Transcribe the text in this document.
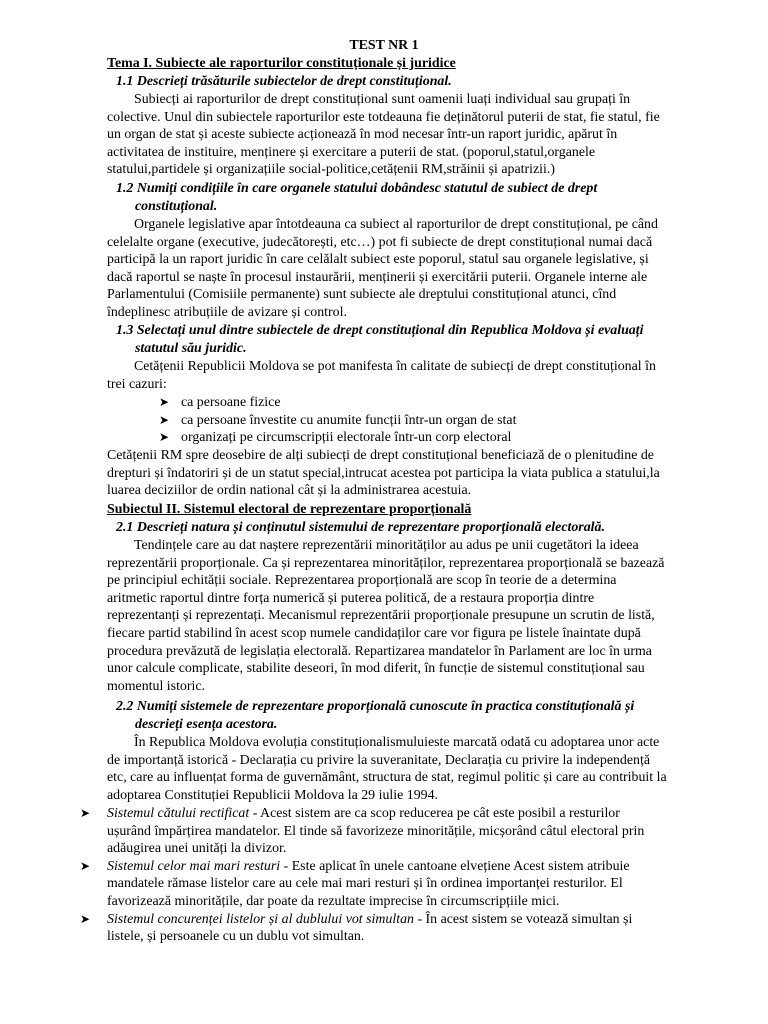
TEST NR 1
Tema I. Subiecte ale raporturilor constituționale și juridice
1.1 Descrieți trăsăturile subiectelor de drept constituțional.
Subiecți ai raporturilor de drept constituțional sunt oamenii luați individual sau grupați în
colective. Unul din subiectele raporturilor este totdeauna fie deținătorul puterii de stat, fie statul, fie
un organ de stat și aceste subiecte acționează în mod necesar într-un raport juridic, apărut în
activitatea de instituire, menținere și exercitare a puterii de stat. (poporul,statul,organele
statului,partidele și organizațiile social-politice,cetățenii RM,străinii și apatrizii.)
1.2 Numiți condițiile în care organele statului dobândesc statutul de subiect de drept
constituțional.
Organele legislative apar întotdeauna ca subiect al raporturilor de drept constituțional, pe când
celelalte organe (executive, judecătorești, etc…) pot fi subiecte de drept constituțional numai dacă
participă la un raport juridic în care celălalt subiect este poporul, statul sau organele legislative, și
dacă raportul se naște în procesul instaurării, menținerii și exercitării puterii. Organele interne ale
Parlamentului (Comisiile permanente) sunt subiecte ale dreptului constituțional atunci, cînd
îndeplinesc atribuțiile de avizare și control.
1.3 Selectați unul dintre subiectele de drept constituțional din Republica Moldova și evaluați
statutul său juridic.
Cetățenii Republicii Moldova se pot manifesta în calitate de subiecți de drept constituțional în
trei cazuri:
➤ ca persoane fizice
➤ ca persoane învestite cu anumite funcții într-un organ de stat
➤ organizați pe circumscripții electorale într-un corp electoral
Cetățenii RM spre deosebire de alți subiecți de drept constituțional beneficiază de o plenitudine de
drepturi și îndatoriri și de un statut special,intrucat acestea pot participa la viata publica a statului,la
luarea deciziilor de ordin national cât și la administrarea acestuia.
Subiectul II. Sistemul electoral de reprezentare proporțională
2.1 Descrieți natura și conținutul sistemului de reprezentare proporțională electorală.
Tendințele care au dat naștere reprezentării minorităților au adus pe unii cugetători la ideea
reprezentării proporționale. Ca și reprezentarea minorităților, reprezentarea proporțională se bazează
pe principiul echității sociale. Reprezentarea proporțională are scop în teorie de a determina
aritmetic raportul dintre forța numerică și puterea politică, de a restaura proporția dintre
reprezentanți și reprezentați. Mecanismul reprezentării proporționale presupune un scrutin de listă,
fiecare partid stabilind în acest scop numele candidaților care vor figura pe listele înaintate după
procedura prevăzută de legislația electorală. Repartizarea mandatelor în Parlament are loc în urma
unor calcule complicate, stabilite deseori, în mod diferit, în funcție de sistemul constituțional sau
momentul istoric.
2.2 Numiți sistemele de reprezentare proporțională cunoscute în practica constituțională și
descrieți esența acestora.
În Republica Moldova evoluția constituționalismuluieste marcată odată cu adoptarea unor acte
de importanță istorică - Declarația cu privire la suveranitate, Declarația cu privire la independență
etc, care au influențat forma de guvernământ, structura de stat, regimul politic și care au contribuit la
adoptarea Constituției Republicii Moldova la 29 iulie 1994.
➤ Sistemul cătului rectificat - Acest sistem are ca scop reducerea pe cât este posibil a resturilor
ușurând împărțirea mandatelor. El tinde să favorizeze minoritățile, micșorând câtul electoral prin
adăugirea unei unități la divizor.
➤ Sistemul celor mai mari resturi - Este aplicat în unele cantoane elvețiene Acest sistem atribuie
mandatele rămase listelor care au cele mai mari resturi și în ordinea importanței resturilor. El
favorizează minoritățile, dar poate da rezultate imprecise în circumscripțiile mici.
➤ Sistemul concurenței listelor și al dublului vot simultan - În acest sistem se votează simultan și
listele, și persoanele cu un dublu vot simultan.
